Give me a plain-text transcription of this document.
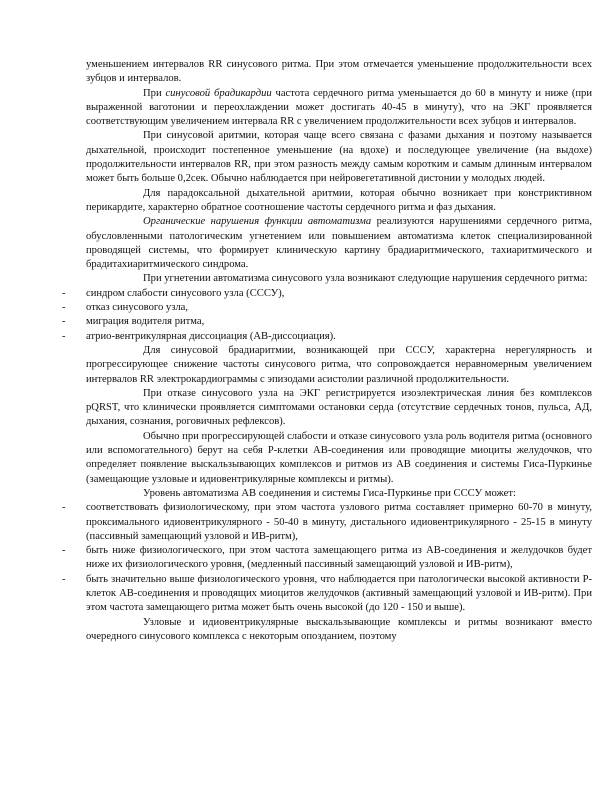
уменьшением интервалов RR синусового ритма. При этом отмечается уменьшение продолжительности всех зубцов и интервалов.

При синусовой брадикардии частота сердечного ритма уменьшается до 60 в минуту и ниже (при выраженной ваготонии и переохлаждении может достигать 40-45 в минуту), что на ЭКГ проявляется соответствующим увеличением интервала RR с увеличением продолжительности всех зубцов и интервалов.

При синусовой аритмии, которая чаще всего связана с фазами дыхания и поэтому называется дыхательной, происходит постепенное уменьшение (на вдохе) и последующее увеличение (на выдохе) продолжительности интервалов RR, при этом разность между самым коротким и самым длинным интервалом может быть больше 0,2сек. Обычно наблюдается при нейровегетативной дистонии у молодых людей.

Для парадоксальной дыхательной аритмии, которая обычно возникает при констриктивном перикардите, характерно обратное соотношение частоты сердечного ритма и фаз дыхания.

Органические нарушения функции автоматизма реализуются нарушениями сердечного ритма, обусловленными патологическим угнетением или повышением автоматизма клеток специализированной проводящей системы, что формирует клиническую картину брадиаритмического, тахиаритмического и брадитахиаритмического синдрома.

При угнетении автоматизма синусового узла возникают следующие нарушения сердечного ритма:

- синдром слабости синусового узла (СССУ),
- отказ синусового узла,
- миграция водителя ритма,
- атрио-вентрикулярная диссоциация (АВ-диссоциация).

Для синусовой брадиаритмии, возникающей при СССУ, характерна нерегулярность и прогрессирующее снижение частоты синусового ритма, что сопровождается неравномерным увеличением интервалов RR электрокардиограммы с эпизодами асистолии различной продолжительности.

При отказе синусового узла на ЭКГ регистрируется изоэлектрическая линия без комплексов pQRST, что клинически проявляется симптомами остановки серда (отсутствие сердечных тонов, пульса, АД, дыхания, сознания, роговичных рефлексов).

Обычно при прогрессирующей слабости и отказе синусового узла роль водителя ритма (основного или вспомогательного) берут на себя Р-клетки АВ-соединения или проводящие миоциты желудочков, что определяет появление выскальзывающих комплексов и ритмов из АВ соединения и системы Гиса-Пуркинье (замещающие узловые и идиовентрикулярные комплексы и ритмы).

Уровень автоматизма АВ соединения и системы Гиса-Пуркинье при СССУ может:

- соответствовать физиологическому, при этом частота узлового ритма составляет примерно 60-70 в минуту, проксимального идиовентрикулярного - 50-40 в минуту, дистального идиовентрикулярного - 25-15 в минуту (пассивный замещающий узловой и ИВ-ритм),
- быть ниже физиологического, при этом частота замещающего ритма из АВ-соединения и желудочков будет ниже их физиологического уровня, (медленный пассивный замещающий узловой и ИВ-ритм),
- быть значительно выше физиологического уровня, что наблюдается при патологически высокой активности Р-клеток АВ-соединения и проводящих миоцитов желудочков (активный замещающий узловой и ИВ-ритм). При этом частота замещающего ритма может быть очень высокой (до 120 - 150 и выше).

Узловые и идиовентрикулярные выскальзывающие комплексы и ритмы возникают вместо очередного синусового комплекса с некоторым опозданием, поэтому
